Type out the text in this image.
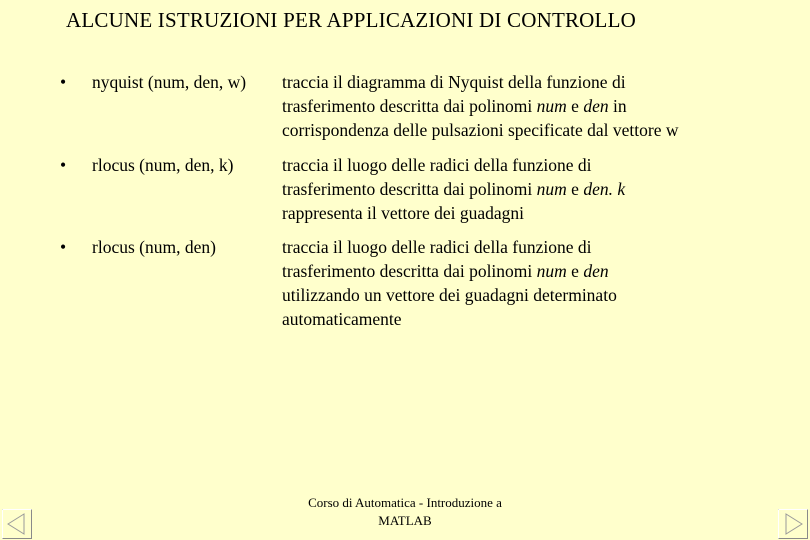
ALCUNE ISTRUZIONI PER APPLICAZIONI DI CONTROLLO
• nyquist (num, den, w) traccia il diagramma di Nyquist della funzione di
trasferimento descritta dai polinomi num e den in
corrispondenza delle pulsazioni specificate dal vettore w
• rlocus (num, den, k)	traccia il luogo delle radici della funzione di
trasferimento descritta dai polinomi num e den. k
rappresenta il vettore dei guadagni
• rlocus (num, den)	traccia il luogo delle radici della funzione di
trasferimento descritta dai polinomi num e den
utilizzando un vettore dei guadagni determinato
automaticamente
Corso di Automatica - Introduzione a
MATLAB
